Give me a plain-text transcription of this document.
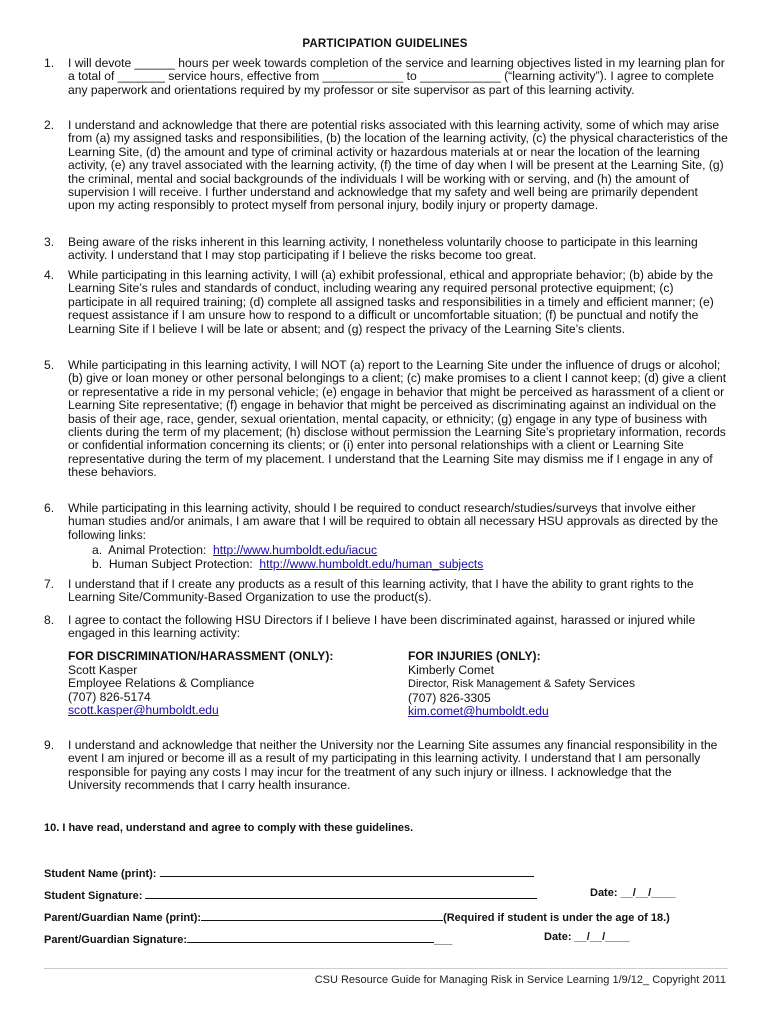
PARTICIPATION GUIDELINES
1.	I will devote ______ hours per week towards completion of the service and learning objectives listed in my learning plan for a total of _______ service hours, effective from ____________ to ____________ (“learning activity”). I agree to complete any paperwork and orientations required by my professor or site supervisor as part of this learning activity.
2.	I understand and acknowledge that there are potential risks associated with this learning activity, some of which may arise from (a) my assigned tasks and responsibilities, (b) the location of the learning activity, (c) the physical characteristics of the Learning Site, (d) the amount and type of criminal activity or hazardous materials at or near the location of the learning activity, (e) any travel associated with the learning activity, (f) the time of day when I will be present at the Learning Site, (g) the criminal, mental and social backgrounds of the individuals I will be working with or serving, and (h) the amount of supervision I will receive. I further understand and acknowledge that my safety and well being are primarily dependent upon my acting responsibly to protect myself from personal injury, bodily injury or property damage.
3.	Being aware of the risks inherent in this learning activity, I nonetheless voluntarily choose to participate in this learning activity. I understand that I may stop participating if I believe the risks become too great.
4.	While participating in this learning activity, I will (a) exhibit professional, ethical and appropriate behavior; (b) abide by the Learning Site’s rules and standards of conduct, including wearing any required personal protective equipment; (c) participate in all required training; (d) complete all assigned tasks and responsibilities in a timely and efficient manner; (e) request assistance if I am unsure how to respond to a difficult or uncomfortable situation; (f) be punctual and notify the Learning Site if I believe I will be late or absent; and (g) respect the privacy of the Learning Site’s clients.
5.	While participating in this learning activity, I will NOT (a) report to the Learning Site under the influence of drugs or alcohol; (b) give or loan money or other personal belongings to a client; (c) make promises to a client I cannot keep; (d) give a client or representative a ride in my personal vehicle; (e) engage in behavior that might be perceived as harassment of a client or Learning Site representative; (f) engage in behavior that might be perceived as discriminating against an individual on the basis of their age, race, gender, sexual orientation, mental capacity, or ethnicity; (g) engage in any type of business with clients during the term of my placement; (h) disclose without permission the Learning Site’s proprietary information, records or confidential information concerning its clients; or (i) enter into personal relationships with a client or Learning Site representative during the term of my placement. I understand that the Learning Site may dismiss me if I engage in any of these behaviors.
6.	While participating in this learning activity, should I be required to conduct research/studies/surveys that involve either human studies and/or animals, I am aware that I will be required to obtain all necessary HSU approvals as directed by the following links:
a. Animal Protection: http://www.humboldt.edu/iacuc
b. Human Subject Protection: http://www.humboldt.edu/human_subjects
7.	I understand that if I create any products as a result of this learning activity, that I have the ability to grant rights to the Learning Site/Community-Based Organization to use the product(s).
8.	I agree to contact the following HSU Directors if I believe I have been discriminated against, harassed or injured while engaged in this learning activity:
FOR DISCRIMINATION/HARASSMENT (ONLY):
Scott Kasper
Employee Relations & Compliance
(707) 826-5174
scott.kasper@humboldt.edu
FOR INJURIES (ONLY):
Kimberly Comet
Director, Risk Management & Safety Services
(707) 826-3305
kim.comet@humboldt.edu
9.	I understand and acknowledge that neither the University nor the Learning Site assumes any financial responsibility in the event I am injured or become ill as a result of my participating in this learning activity. I understand that I am personally responsible for paying any costs I may incur for the treatment of any such injury or illness. I acknowledge that the University recommends that I carry health insurance.
10. I have read, understand and agree to comply with these guidelines.
Student Name (print):
Student Signature:	Date: __/__/____
Parent/Guardian Name (print):	(Required if student is under the age of 18.)
Parent/Guardian Signature:	___	Date: __/__/____
CSU Resource Guide for Managing Risk in Service Learning 1/9/12_ Copyright 2011
